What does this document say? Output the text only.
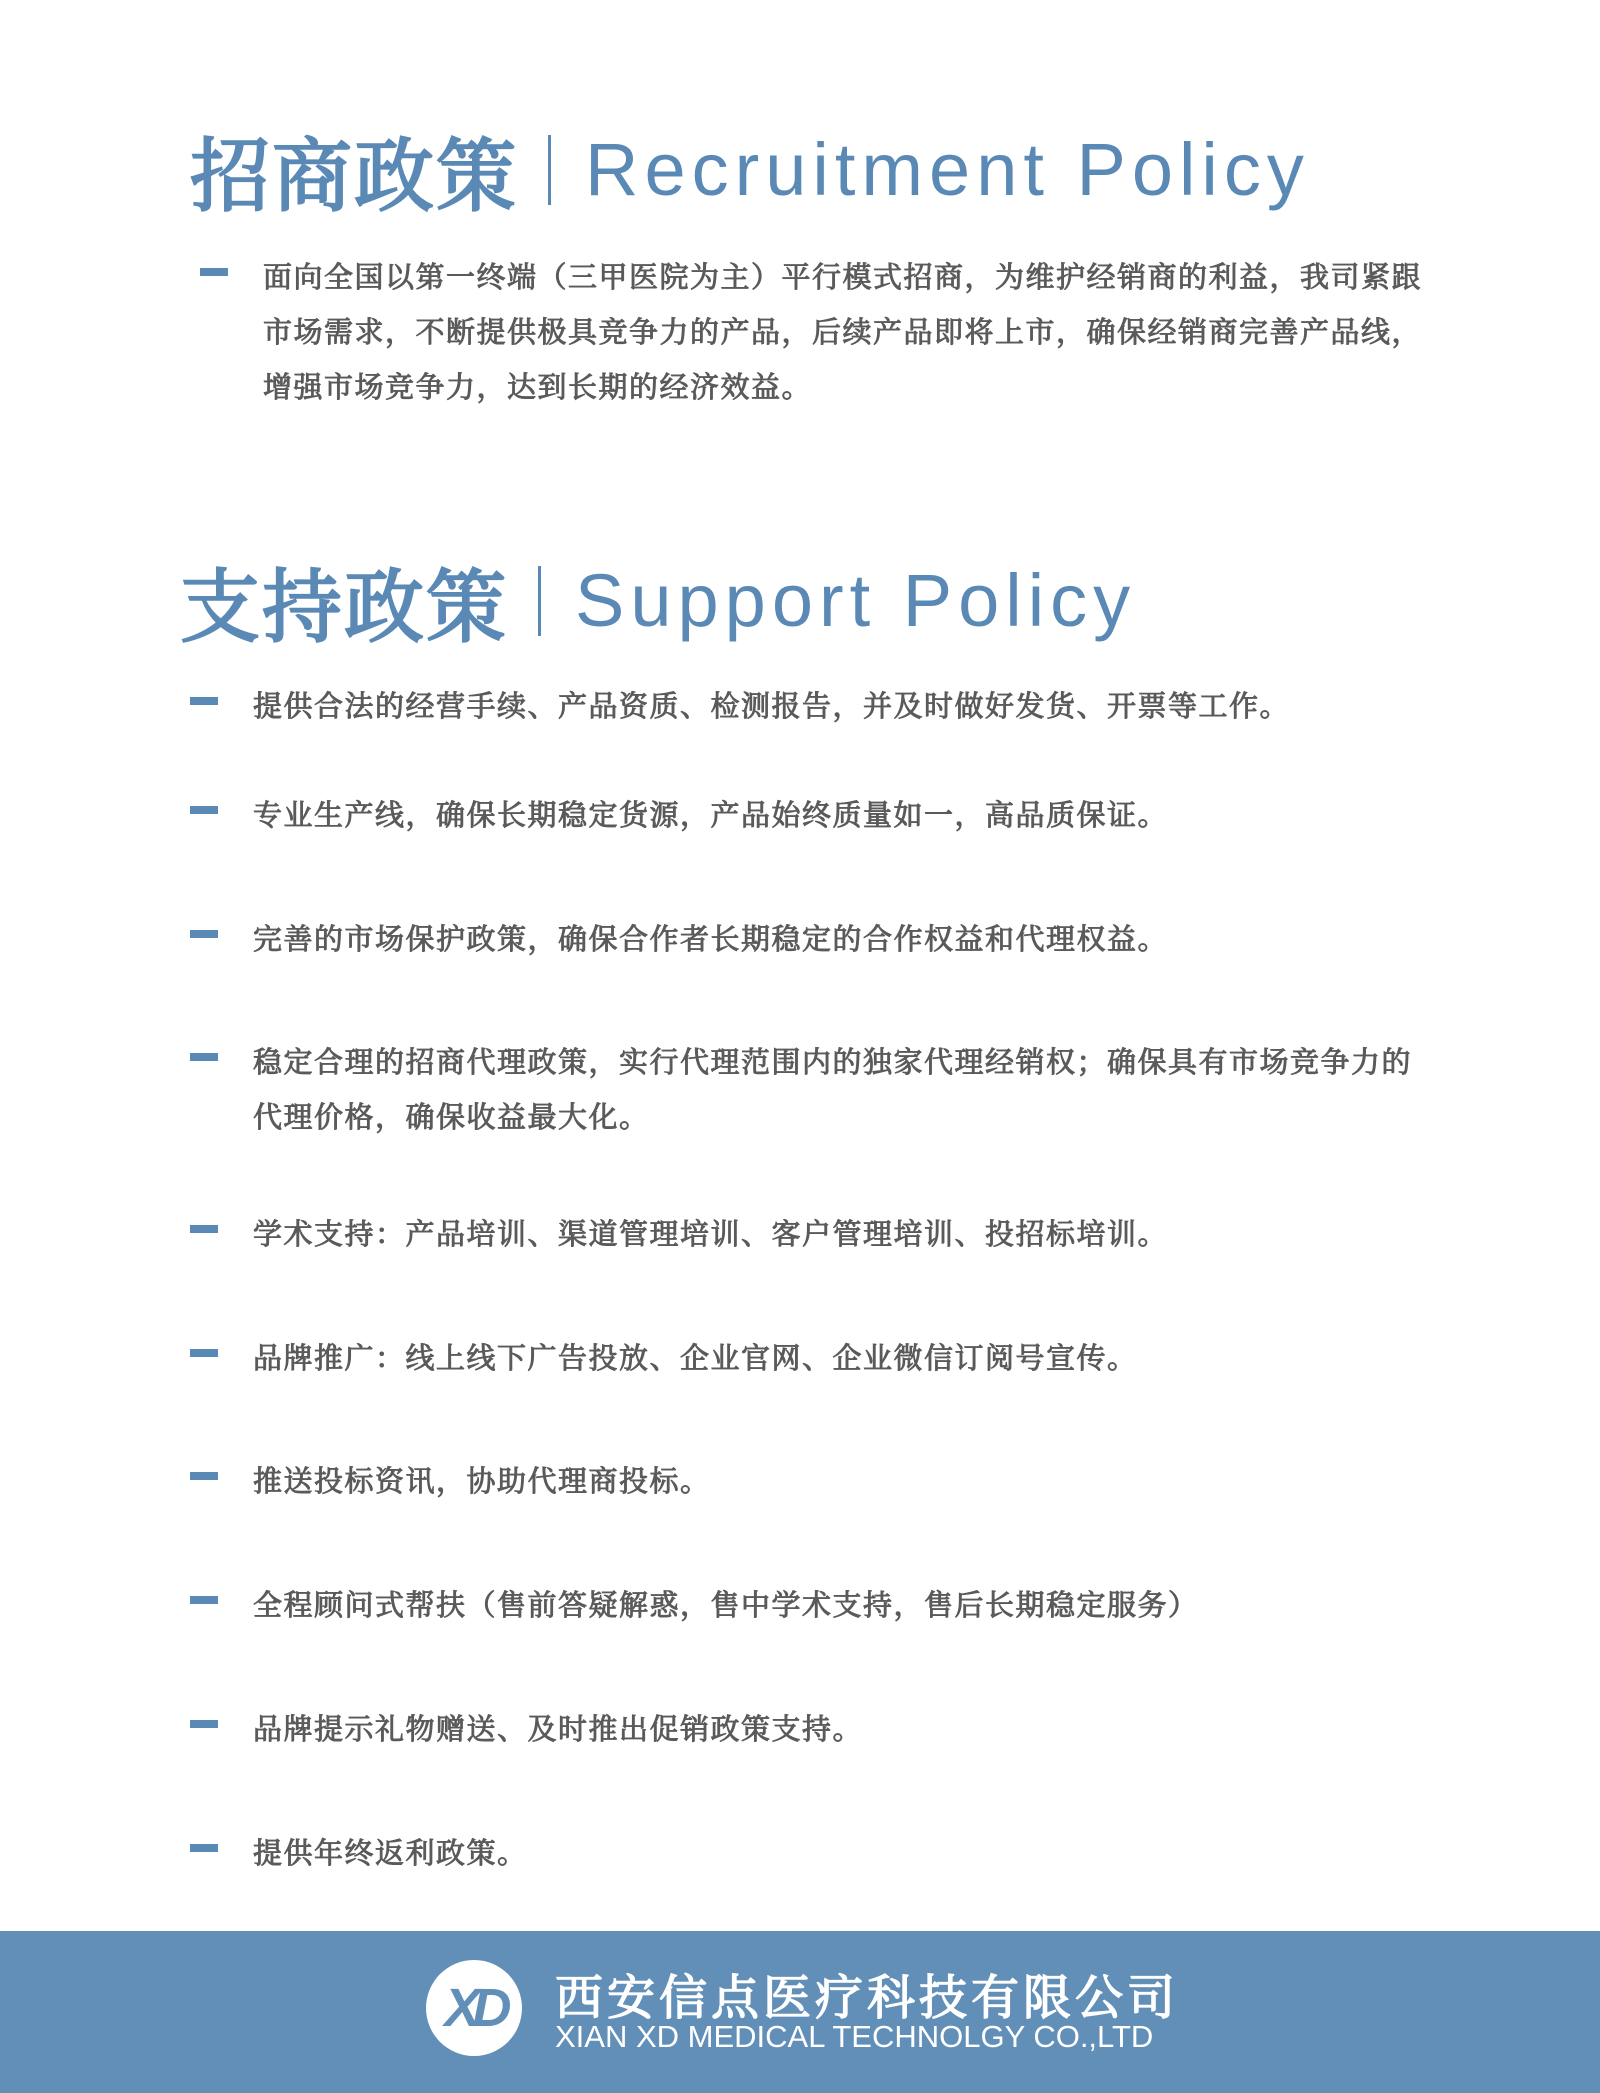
招商政策 Recruitment Policy
面向全国以第一终端（三甲医院为主）平行模式招商，为维护经销商的利益，我司紧跟市场需求，不断提供极具竞争力的产品，后续产品即将上市，确保经销商完善产品线，增强市场竞争力，达到长期的经济效益。
支持政策 Support Policy
提供合法的经营手续、产品资质、检测报告，并及时做好发货、开票等工作。
专业生产线，确保长期稳定货源，产品始终质量如一，高品质保证。
完善的市场保护政策，确保合作者长期稳定的合作权益和代理权益。
稳定合理的招商代理政策，实行代理范围内的独家代理经销权；确保具有市场竞争力的代理价格，确保收益最大化。
学术支持：产品培训、渠道管理培训、客户管理培训、投招标培训。
品牌推广：线上线下广告投放、企业官网、企业微信订阅号宣传。
推送投标资讯，协助代理商投标。
全程顾问式帮扶（售前答疑解惑，售中学术支持，售后长期稳定服务）
品牌提示礼物赠送、及时推出促销政策支持。
提供年终返利政策。
XD 西安信点医疗科技有限公司
XIAN XD MEDICAL TECHNOLGY CO.,LTD
